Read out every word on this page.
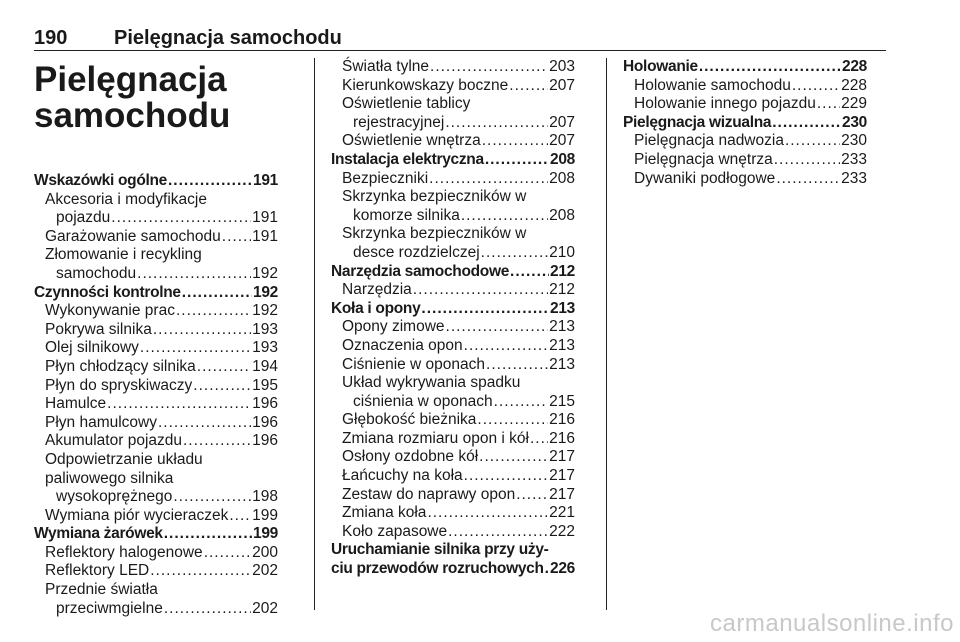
190 Pielęgnacja samochodu
Pielęgnacja
samochodu
Wskazówki ogólne .....	191
Akcesoria i modyfikacje
pojazdu .....	191
Garażowanie samochodu ..... 191
Złomowanie i recykling
samochodu .....	192
Czynności kontrolne .....	192
Wykonywanie prac .....	192
Pokrywa silnika .....	193
Olej silnikowy .....	193
Płyn chłodzący silnika .....	194
Płyn do spryskiwaczy .....	195
Hamulce .....	196
Płyn hamulcowy .....	196
Akumulator pojazdu .....	196
Odpowietrzanie układu
paliwowego silnika
wysokoprężnego .....	198
Wymiana piór wycieraczek ..... 199
Wymiana żarówek .....	199
Reflektory halogenowe .....	200
Reflektory LED .....	202
Przednie światła
przeciwmgielne .....	202
Światła tylne .....	203
Kierunkowskazy boczne .....	207
Oświetlenie tablicy
rejestracyjnej .....	207
Oświetlenie wnętrza .....	207
Instalacja elektryczna .....	208
Bezpieczniki .....	208
Skrzynka bezpieczników w
komorze silnika .....	208
Skrzynka bezpieczników w
desce rozdzielczej .....	210
Narzędzia samochodowe .....	212
Narzędzia .....	212
Koła i opony .....	213
Opony zimowe .....	213
Oznaczenia opon .....	213
Ciśnienie w oponach .....	213
Układ wykrywania spadku
ciśnienia w oponach .....	215
Głębokość bieżnika .....	216
Zmiana rozmiaru opon i kół ..... 216
Osłony ozdobne kół .....	217
Łańcuchy na koła .....	217
Zestaw do naprawy opon ..... 217
Zmiana koła .....	221
Koło zapasowe .....	222
Uruchamianie silnika przy uży-
ciu przewodów rozruchowych ..... 226
Holowanie .....	228
Holowanie samochodu .....	228
Holowanie innego pojazdu ..... 229
Pielęgnacja wizualna .....	230
Pielęgnacja nadwozia .....	230
Pielęgnacja wnętrza .....	233
Dywaniki podłogowe .....	233
carmanualsonline.info
